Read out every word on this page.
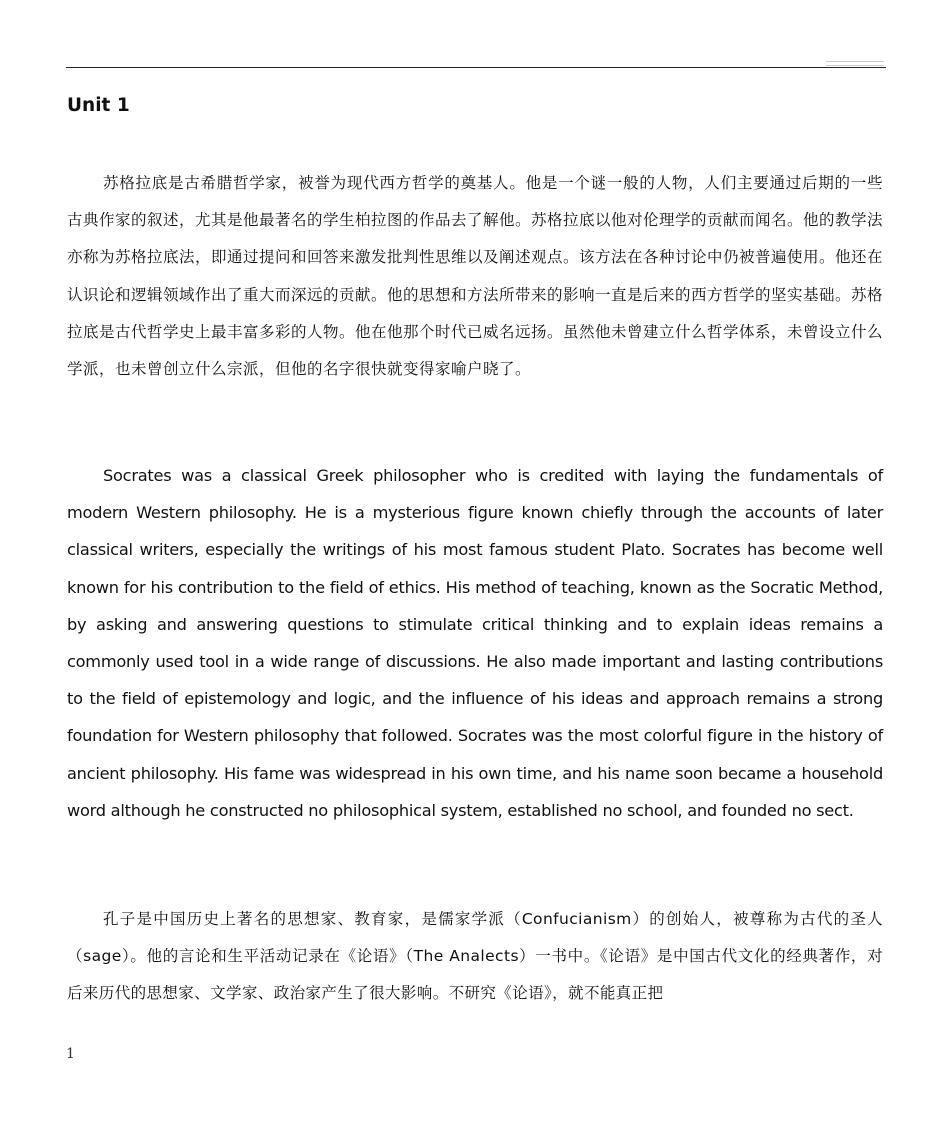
Unit 1

苏格拉底是古希腊哲学家，被誉为现代西方哲学的奠基人。他是一个谜一般的人物，人们主要通过后期的一些古典作家的叙述，尤其是他最著名的学生柏拉图的作品去了解他。苏格拉底以他对伦理学的贡献而闻名。他的教学法亦称为苏格拉底法，即通过提问和回答来激发批判性思维以及阐述观点。该方法在各种讨论中仍被普遍使用。他还在认识论和逻辑领域作出了重大而深远的贡献。他的思想和方法所带来的影响一直是后来的西方哲学的坚实基础。苏格拉底是古代哲学史上最丰富多彩的人物。他在他那个时代已威名远扬。虽然他未曾建立什么哲学体系，未曾设立什么学派，也未曾创立什么宗派，但他的名字很快就变得家喻户晓了。

Socrates was a classical Greek philosopher who is credited with laying the fundamentals of modern Western philosophy. He is a mysterious figure known chiefly through the accounts of later classical writers, especially the writings of his most famous student Plato. Socrates has become well known for his contribution to the field of ethics. His method of teaching, known as the Socratic Method, by asking and answering questions to stimulate critical thinking and to explain ideas remains a commonly used tool in a wide range of discussions. He also made important and lasting contributions to the field of epistemology and logic, and the influence of his ideas and approach remains a strong foundation for Western philosophy that followed. Socrates was the most colorful figure in the history of ancient philosophy. His fame was widespread in his own time, and his name soon became a household word although he constructed no philosophical system, established no school, and founded no sect.

孔子是中国历史上著名的思想家、教育家，是儒家学派（Confucianism）的创始人，被尊称为古代的圣人（sage）。他的言论和生平活动记录在《论语》（The Analects）一书中。《论语》是中国古代文化的经典著作，对后来历代的思想家、文学家、政治家产生了很大影响。不研究《论语》，就不能真正把

1
